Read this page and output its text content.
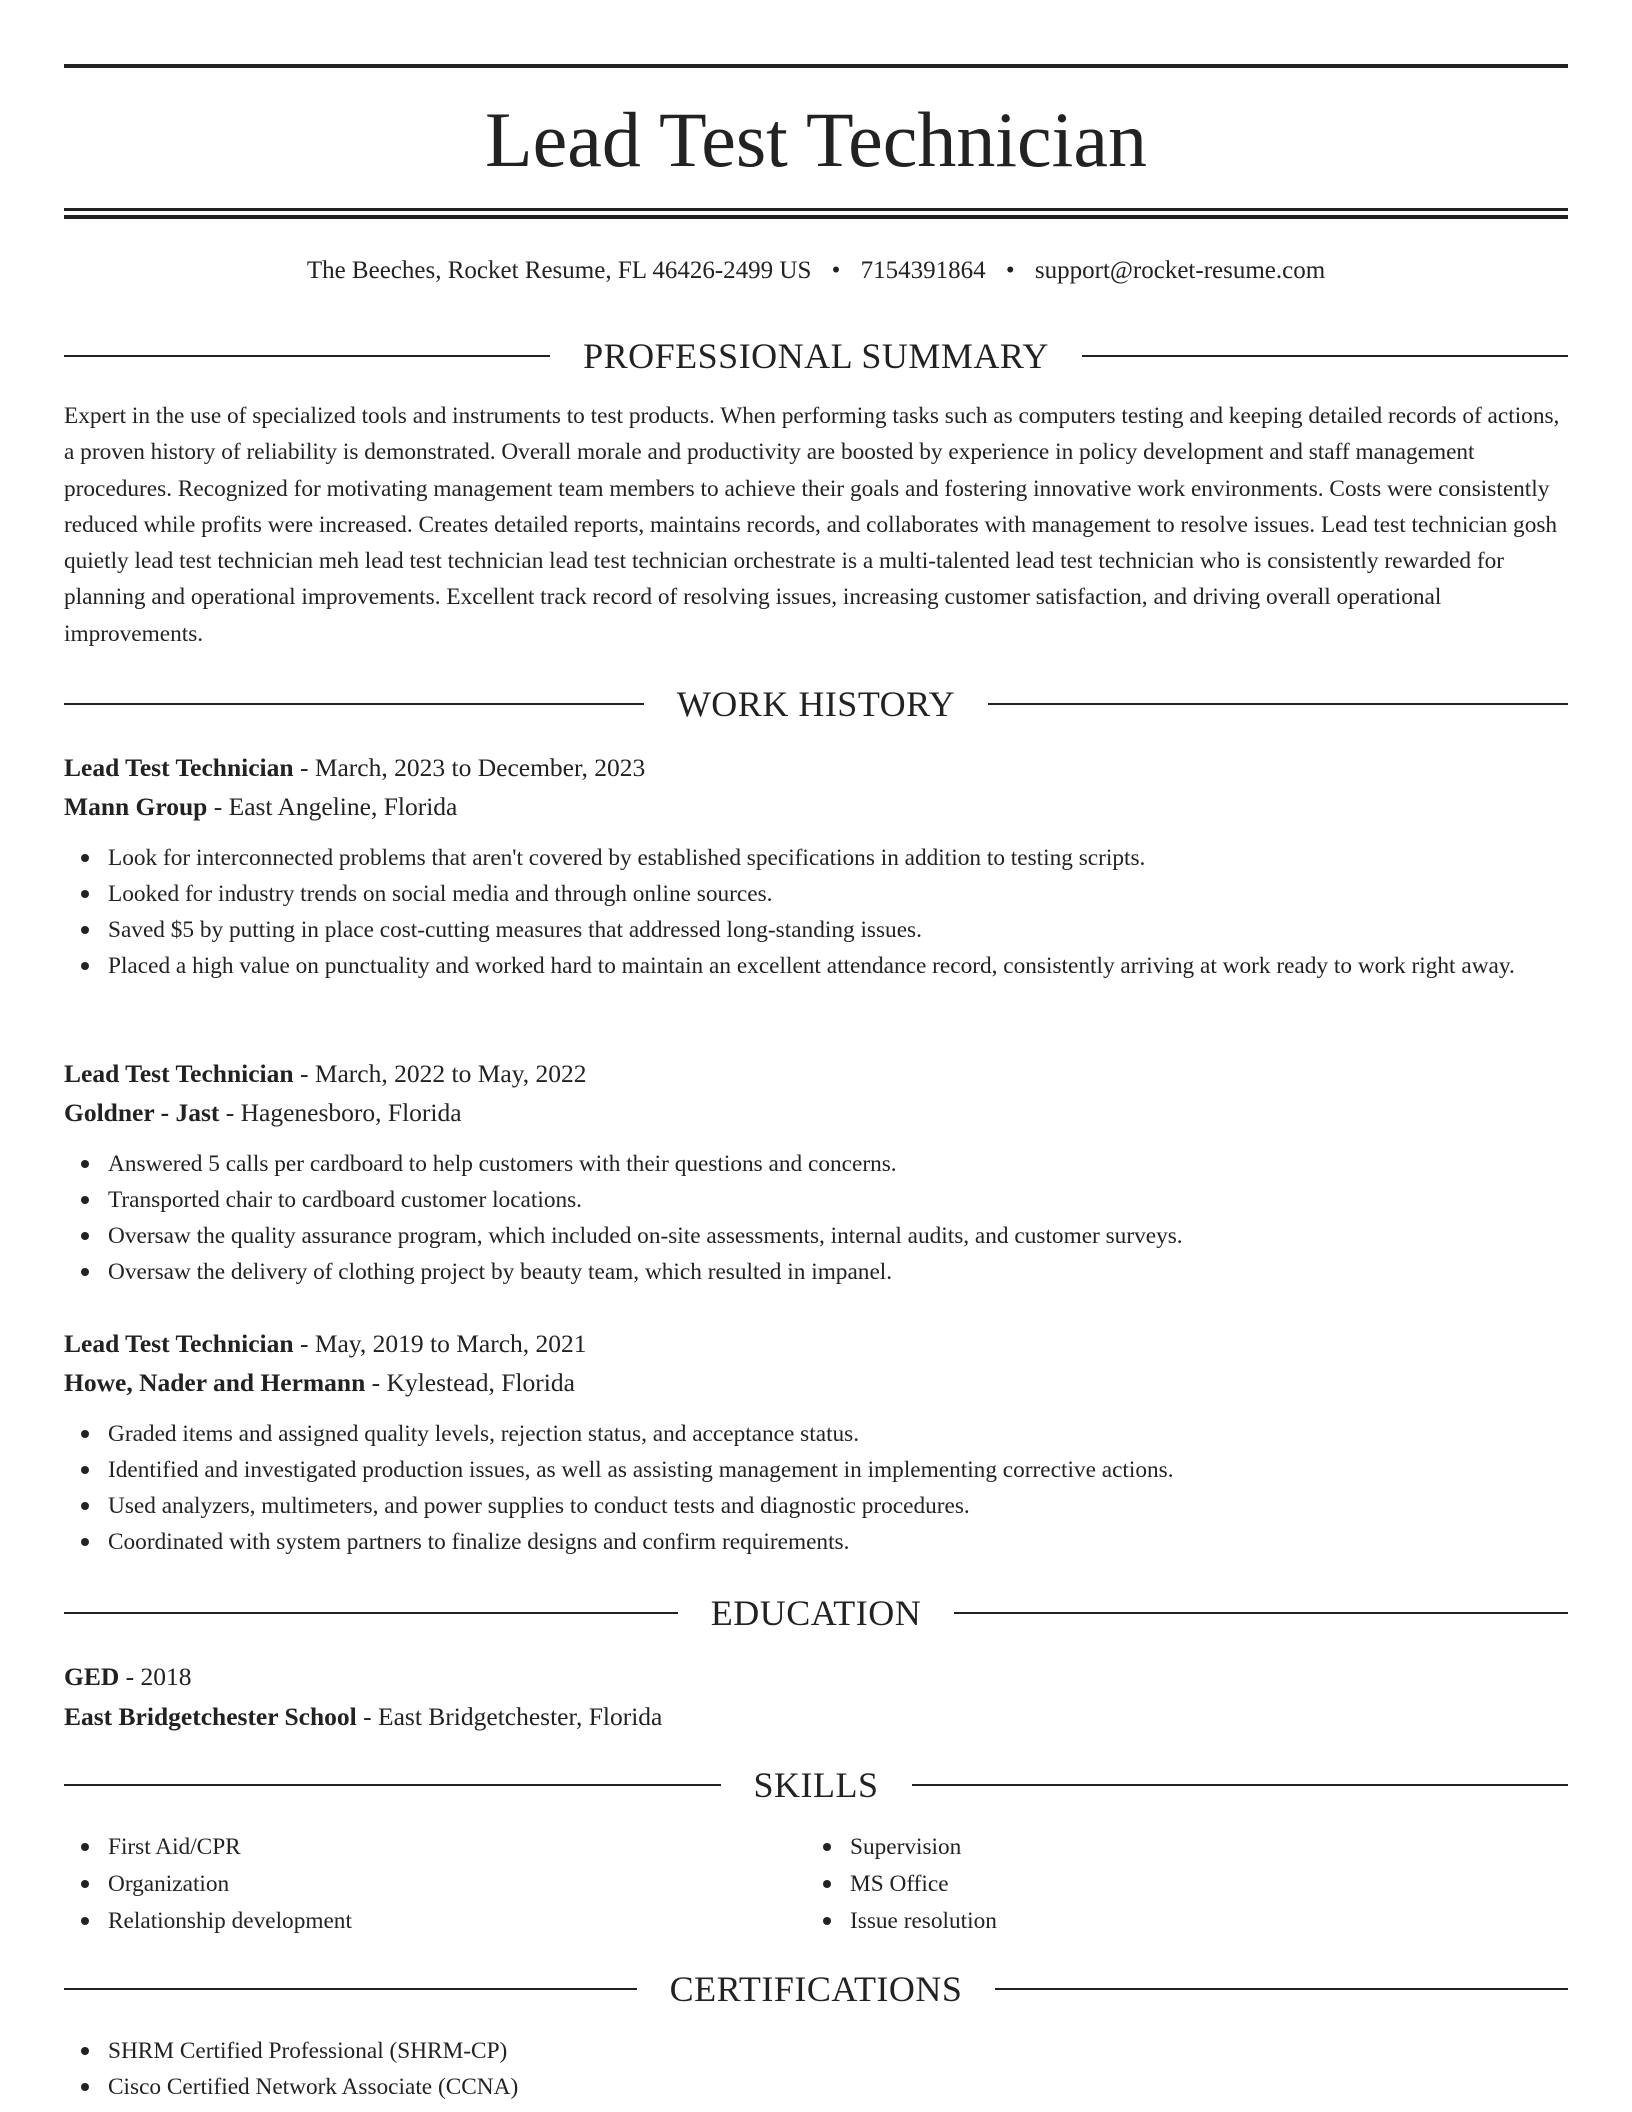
Lead Test Technician
The Beeches, Rocket Resume, FL 46426-2499 US • 7154391864 • support@rocket-resume.com
PROFESSIONAL SUMMARY

Expert in the use of specialized tools and instruments to test products. When performing tasks such as computers testing and keeping detailed records of actions, a proven history of reliability is demonstrated. Overall morale and productivity are boosted by experience in policy development and staff management procedures. Recognized for motivating management team members to achieve their goals and fostering innovative work environments. Costs were consistently reduced while profits were increased. Creates detailed reports, maintains records, and collaborates with management to resolve issues. Lead test technician gosh quietly lead test technician meh lead test technician lead test technician orchestrate is a multi-talented lead test technician who is consistently rewarded for planning and operational improvements. Excellent track record of resolving issues, increasing customer satisfaction, and driving overall operational improvements.

WORK HISTORY
Lead Test Technician - March, 2023 to December, 2023
Mann Group - East Angeline, Florida
Look for interconnected problems that aren't covered by established specifications in addition to testing scripts.
Looked for industry trends on social media and through online sources.
Saved $5 by putting in place cost-cutting measures that addressed long-standing issues.
Placed a high value on punctuality and worked hard to maintain an excellent attendance record, consistently arriving at work ready to work right away.
Lead Test Technician - March, 2022 to May, 2022
Goldner - Jast - Hagenesboro, Florida
Answered 5 calls per cardboard to help customers with their questions and concerns.
Transported chair to cardboard customer locations.
Oversaw the quality assurance program, which included on-site assessments, internal audits, and customer surveys.
Oversaw the delivery of clothing project by beauty team, which resulted in impanel.
Lead Test Technician - May, 2019 to March, 2021
Howe, Nader and Hermann - Kylestead, Florida
Graded items and assigned quality levels, rejection status, and acceptance status.
Identified and investigated production issues, as well as assisting management in implementing corrective actions.
Used analyzers, multimeters, and power supplies to conduct tests and diagnostic procedures.
Coordinated with system partners to finalize designs and confirm requirements.
EDUCATION
GED - 2018
East Bridgetchester School - East Bridgetchester, Florida
SKILLS
First Aid/CPR
Organization
Relationship development
Supervision
MS Office
Issue resolution
CERTIFICATIONS
SHRM Certified Professional (SHRM-CP)
Cisco Certified Network Associate (CCNA)
